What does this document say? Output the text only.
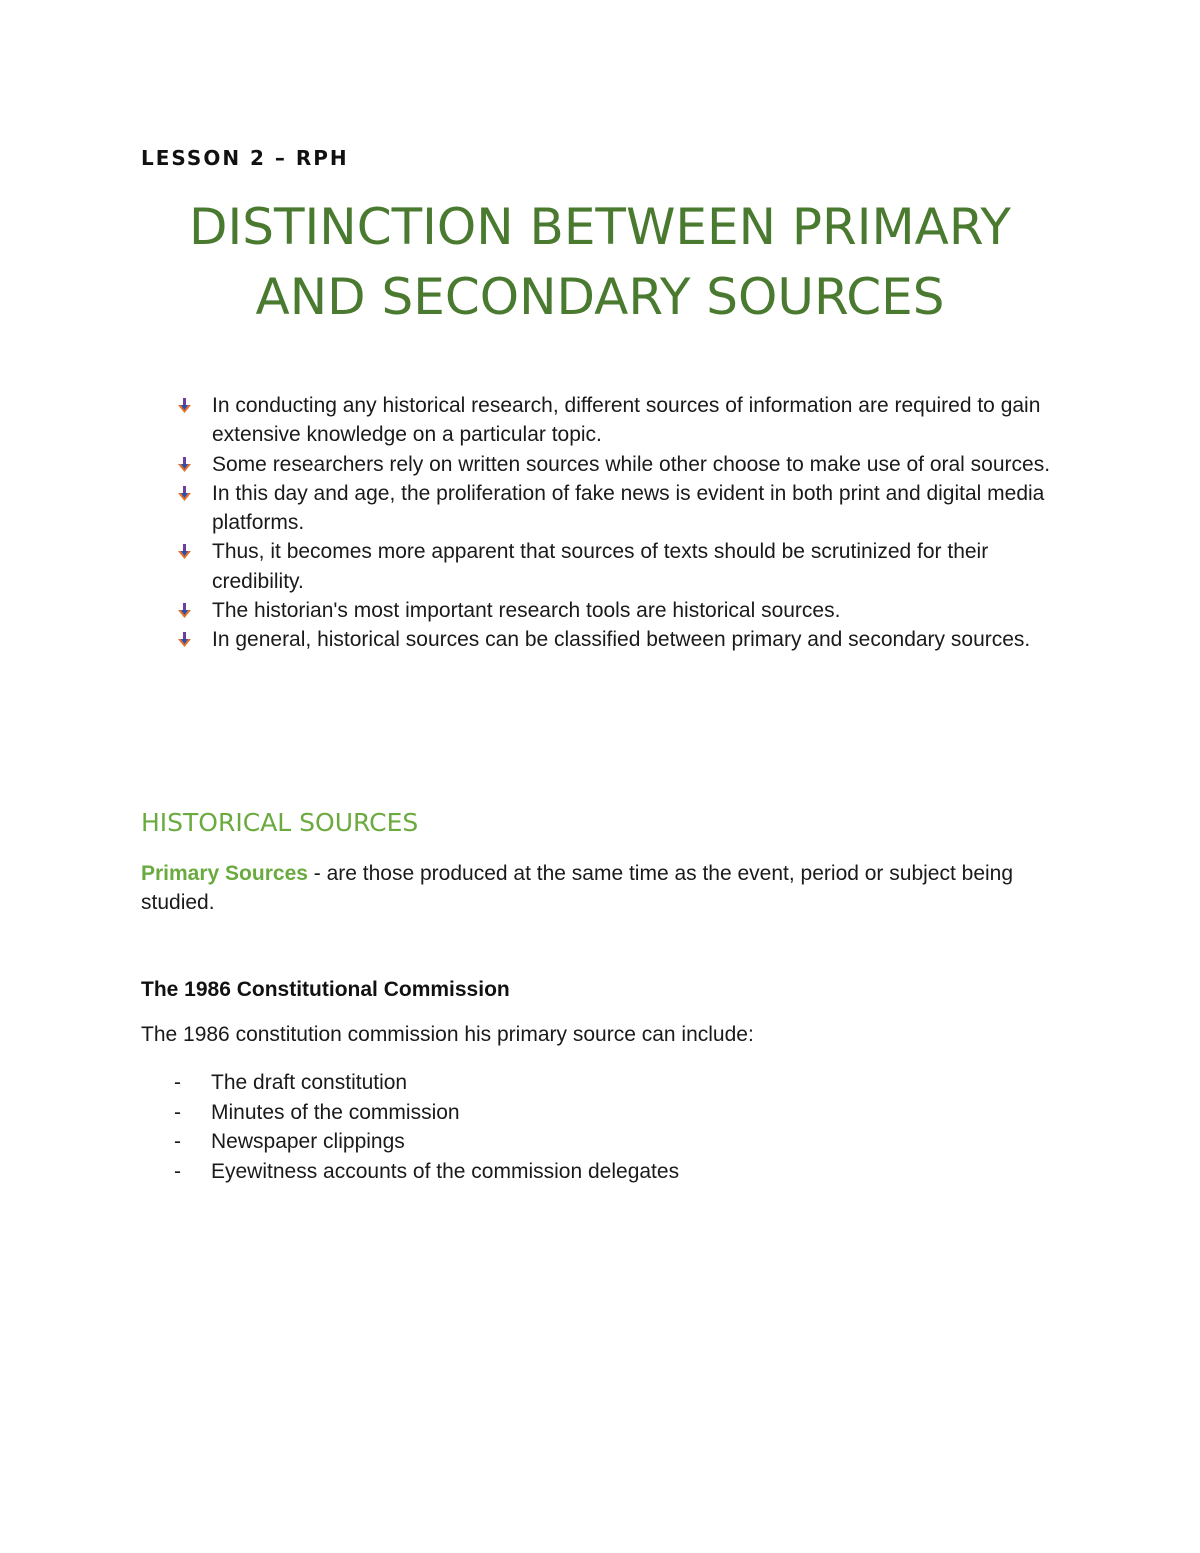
LESSON 2 – RPH
DISTINCTION BETWEEN PRIMARY
AND SECONDARY SOURCES
In conducting any historical research, different sources of information are required to gain extensive knowledge on a particular topic.
Some researchers rely on written sources while other choose to make use of oral sources.
In this day and age, the proliferation of fake news is evident in both print and digital media platforms.
Thus, it becomes more apparent that sources of texts should be scrutinized for their credibility.
The historian's most important research tools are historical sources.
In general, historical sources can be classified between primary and secondary sources.
HISTORICAL SOURCES

Primary Sources - are those produced at the same time as the event, period or subject being studied.

The 1986 Constitutional Commission

The 1986 constitution commission his primary source can include:

- The draft constitution
- Minutes of the commission
- Newspaper clippings
- Eyewitness accounts of the commission delegates
